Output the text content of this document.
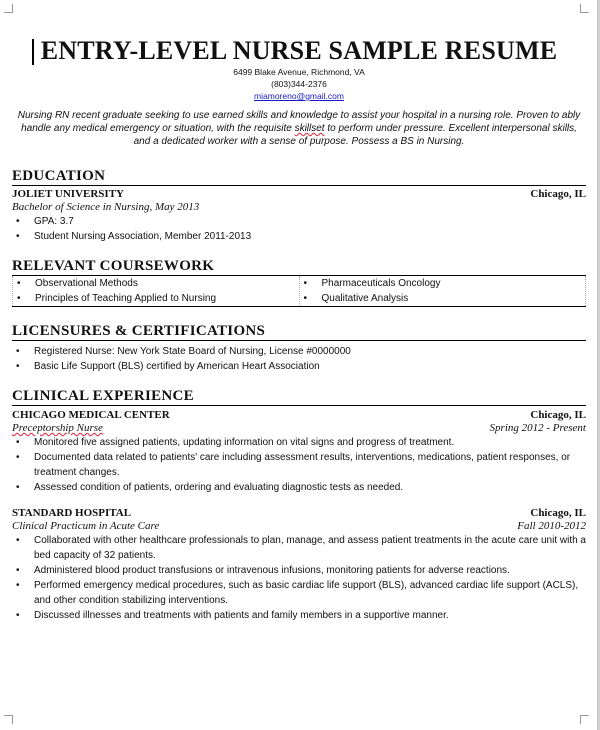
ENTRY-LEVEL NURSE SAMPLE RESUME
6499 Blake Avenue, Richmond, VA
(803)344-2376
miamoreno@gmail.com
Nursing RN recent graduate seeking to use earned skills and knowledge to assist your hospital in a nursing role. Proven to ably handle any medical emergency or situation, with the requisite skillset to perform under pressure. Excellent interpersonal skills, and a dedicated worker with a sense of purpose. Possess a BS in Nursing.
EDUCATION
JOLIET UNIVERSITY	Chicago, IL
Bachelor of Science in Nursing, May 2013
• GPA: 3.7
• Student Nursing Association, Member 2011-2013
RELEVANT COURSEWORK
• Observational Methods
• Principles of Teaching Applied to Nursing
• Pharmaceuticals Oncology
• Qualitative Analysis
LICENSURES & CERTIFICATIONS
• Registered Nurse: New York State Board of Nursing, License #0000000
• Basic Life Support (BLS) certified by American Heart Association
CLINICAL EXPERIENCE
CHICAGO MEDICAL CENTER	Chicago, IL
Preceptorship Nurse	Spring 2012 - Present
• Monitored five assigned patients, updating information on vital signs and progress of treatment.
• Documented data related to patients' care including assessment results, interventions, medications, patient responses, or treatment changes.
• Assessed condition of patients, ordering and evaluating diagnostic tests as needed.
STANDARD HOSPITAL	Chicago, IL
Clinical Practicum in Acute Care	Fall 2010-2012
• Collaborated with other healthcare professionals to plan, manage, and assess patient treatments in the acute care unit with a bed capacity of 32 patients.
• Administered blood product transfusions or intravenous infusions, monitoring patients for adverse reactions.
• Performed emergency medical procedures, such as basic cardiac life support (BLS), advanced cardiac life support (ACLS), and other condition stabilizing interventions.
• Discussed illnesses and treatments with patients and family members in a supportive manner.
